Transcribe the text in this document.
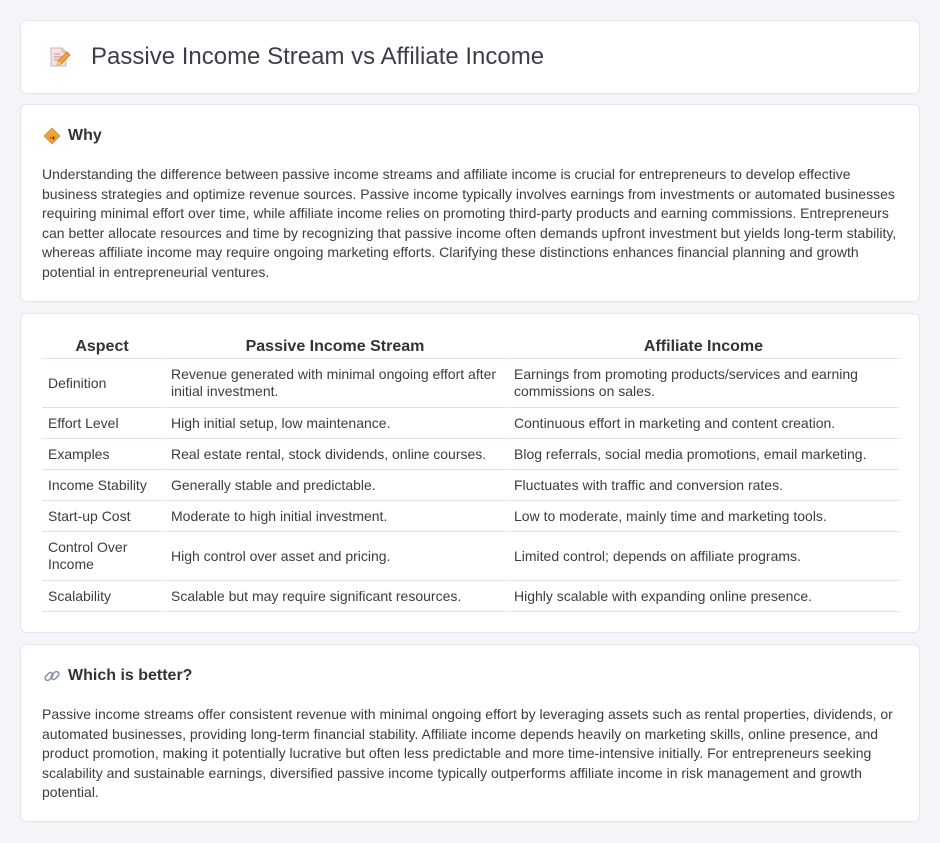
Passive Income Stream vs Affiliate Income
Why

Understanding the difference between passive income streams and affiliate income is crucial for entrepreneurs to develop effective business strategies and optimize revenue sources. Passive income typically involves earnings from investments or automated businesses requiring minimal effort over time, while affiliate income relies on promoting third-party products and earning commissions. Entrepreneurs can better allocate resources and time by recognizing that passive income often demands upfront investment but yields long-term stability, whereas affiliate income may require ongoing marketing efforts. Clarifying these distinctions enhances financial planning and growth potential in entrepreneurial ventures.

Aspect	Passive Income Stream	Affiliate Income
Definition	Revenue generated with minimal ongoing effort after initial investment.	Earnings from promoting products/services and earning commissions on sales.
Effort Level	High initial setup, low maintenance.	Continuous effort in marketing and content creation.
Examples	Real estate rental, stock dividends, online courses.	Blog referrals, social media promotions, email marketing.
Income Stability	Generally stable and predictable.	Fluctuates with traffic and conversion rates.
Start-up Cost	Moderate to high initial investment.	Low to moderate, mainly time and marketing tools.
Control Over Income	High control over asset and pricing.	Limited control; depends on affiliate programs.
Scalability	Scalable but may require significant resources.	Highly scalable with expanding online presence.
Which is better?

Passive income streams offer consistent revenue with minimal ongoing effort by leveraging assets such as rental properties, dividends, or automated businesses, providing long-term financial stability. Affiliate income depends heavily on marketing skills, online presence, and product promotion, making it potentially lucrative but often less predictable and more time-intensive initially. For entrepreneurs seeking scalability and sustainable earnings, diversified passive income typically outperforms affiliate income in risk management and growth potential.
